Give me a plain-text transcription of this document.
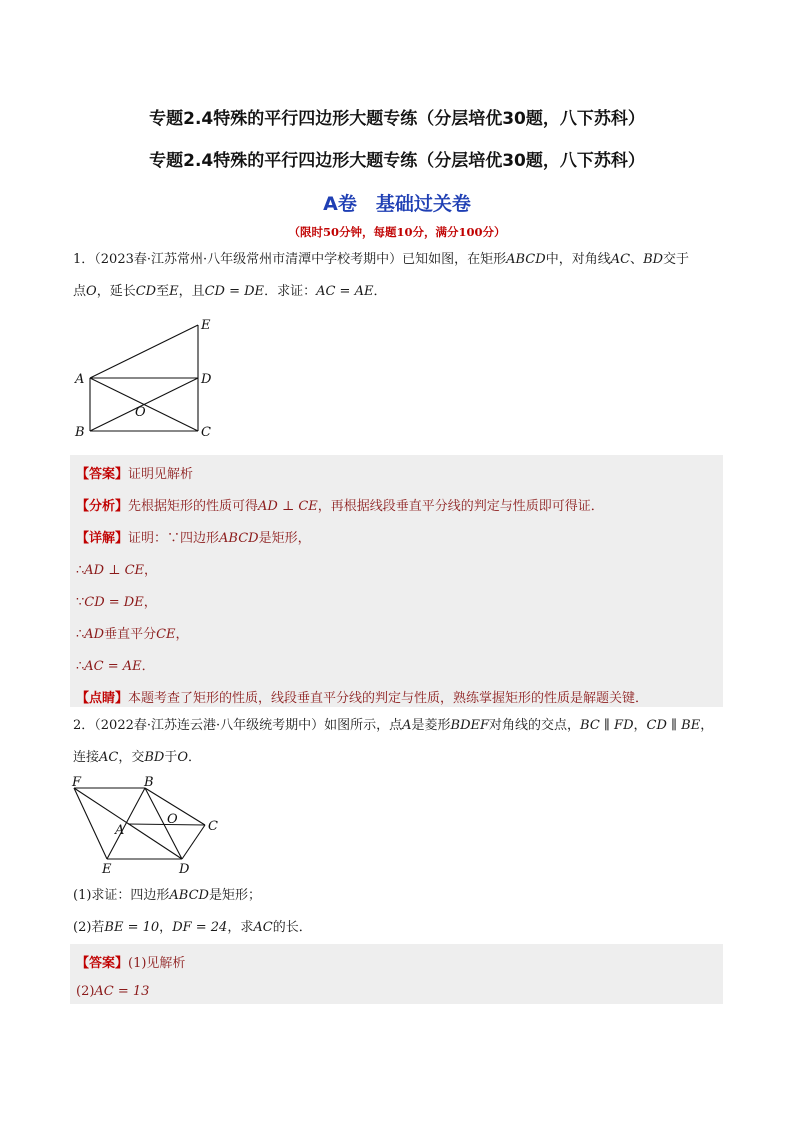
专题2.4特殊的平行四边形大题专练（分层培优30题，八下苏科）
专题2.4特殊的平行四边形大题专练（分层培优30题，八下苏科）
A卷　基础过关卷
（限时50分钟，每题10分，满分100分）
1．（2023春·江苏常州·八年级常州市清潭中学校考期中）已知如图，在矩形ABCD中，对角线AC、BD交于
点O，延长CD至E，且CD = DE．求证：AC = AE．
E
A	D
O
B	C
【答案】证明见解析
【分析】先根据矩形的性质可得AD ⊥ CE，再根据线段垂直平分线的判定与性质即可得证．
【详解】证明：∵四边形ABCD是矩形，
∴AD ⊥ CE，
∵CD = DE，
∴AD垂直平分CE，
∴AC = AE．
【点睛】本题考查了矩形的性质，线段垂直平分线的判定与性质，熟练掌握矩形的性质是解题关键．
2．（2022春·江苏连云港·八年级统考期中）如图所示，点A是菱形BDEF对角线的交点，BC ∥ FD，CD ∥ BE，
连接AC，交BD于O．
F	B
O
A	C
E	D
(1)求证：四边形ABCD是矩形；
(2)若BE = 10，DF = 24，求AC的长．
【答案】(1)见解析
(2)AC = 13
